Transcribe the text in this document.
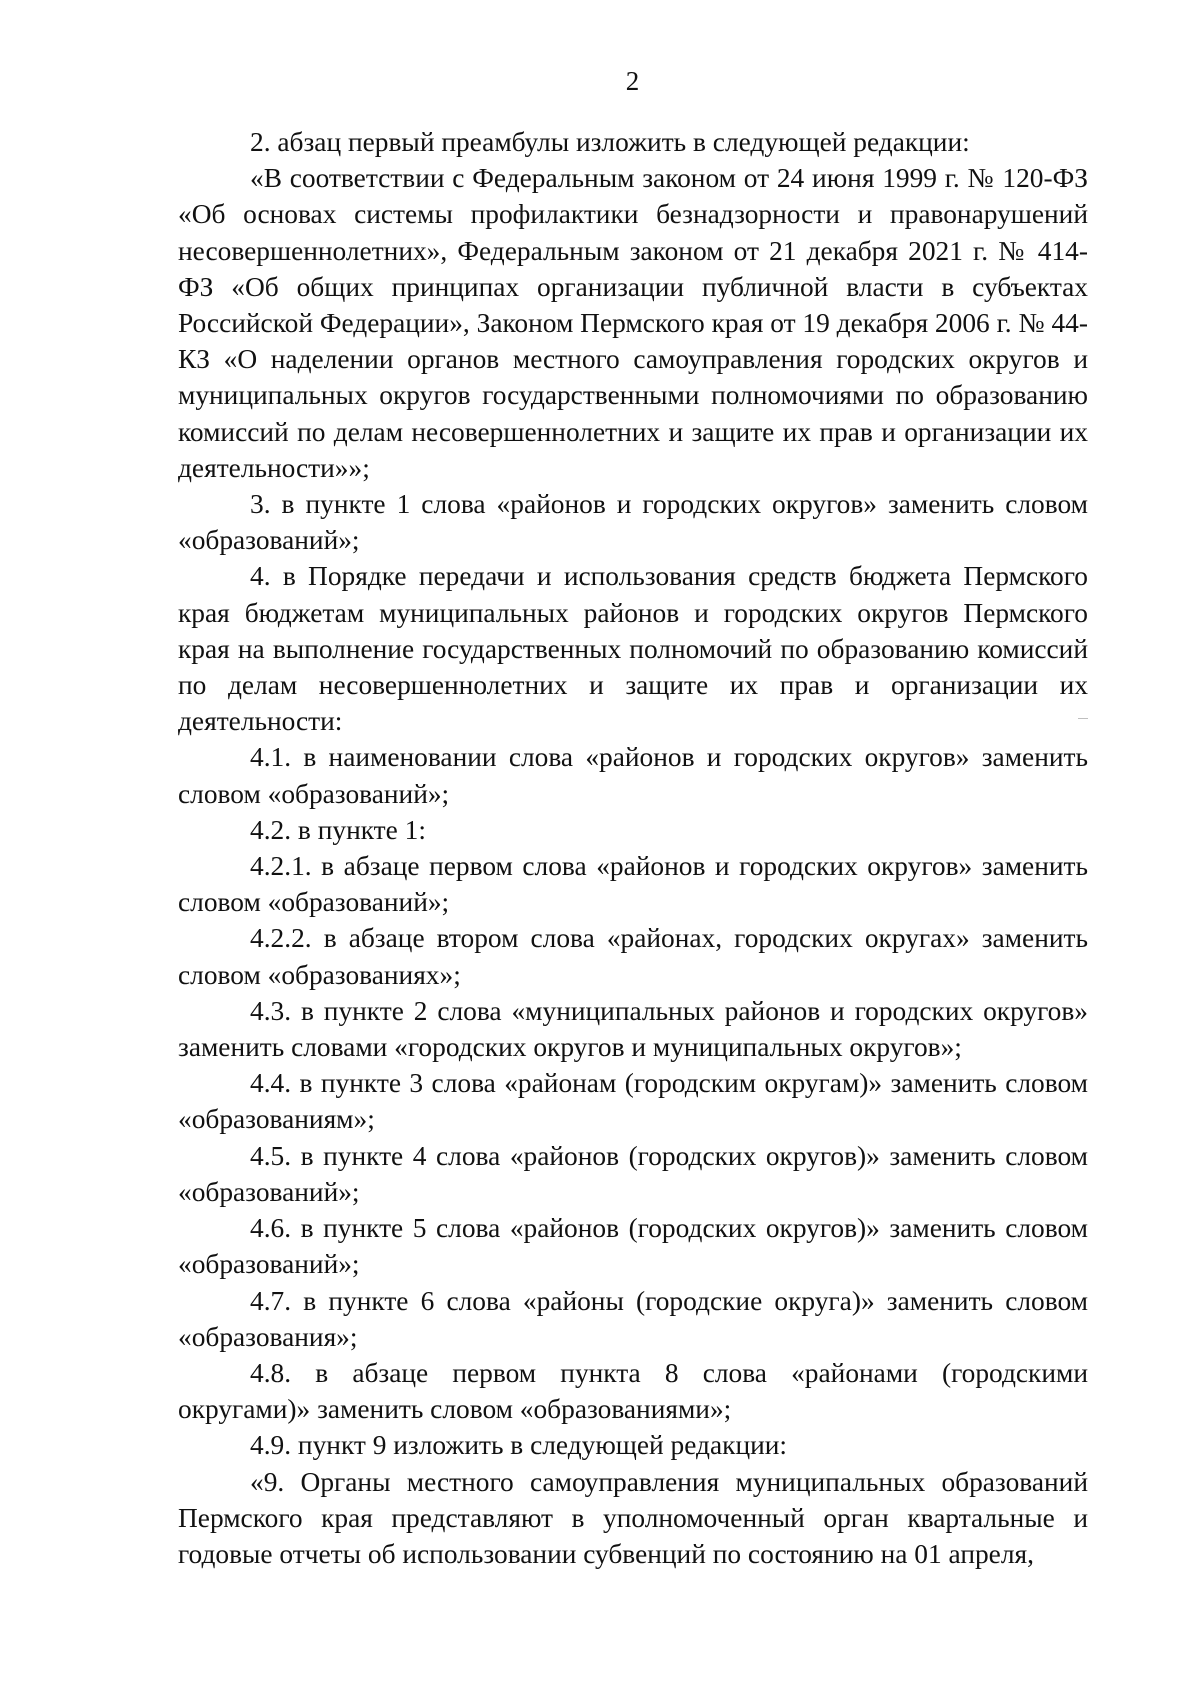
2

2. абзац первый преамбулы изложить в следующей редакции:

«В соответствии с Федеральным законом от 24 июня 1999 г. № 120-ФЗ «Об основах системы профилактики безнадзорности и правонарушений несовершеннолетних», Федеральным законом от 21 декабря 2021 г. № 414-ФЗ «Об общих принципах организации публичной власти в субъектах Российской Федерации», Законом Пермского края от 19 декабря 2006 г. № 44-КЗ «О наделении органов местного самоуправления городских округов и муниципальных округов государственными полномочиями по образованию комиссий по делам несовершеннолетних и защите их прав и организации их деятельности»»;

3. в пункте 1 слова «районов и городских округов» заменить словом «образований»;

4. в Порядке передачи и использования средств бюджета Пермского края бюджетам муниципальных районов и городских округов Пермского края на выполнение государственных полномочий по образованию комиссий по делам несовершеннолетних и защите их прав и организации их деятельности:

4.1. в наименовании слова «районов и городских округов» заменить словом «образований»;

4.2. в пункте 1:

4.2.1. в абзаце первом слова «районов и городских округов» заменить словом «образований»;

4.2.2. в абзаце втором слова «районах, городских округах» заменить словом «образованиях»;

4.3. в пункте 2 слова «муниципальных районов и городских округов» заменить словами «городских округов и муниципальных округов»;

4.4. в пункте 3 слова «районам (городским округам)» заменить словом «образованиям»;

4.5. в пункте 4 слова «районов (городских округов)» заменить словом «образований»;

4.6. в пункте 5 слова «районов (городских округов)» заменить словом «образований»;

4.7. в пункте 6 слова «районы (городские округа)» заменить словом «образования»;

4.8. в абзаце первом пункта 8 слова «районами (городскими округами)» заменить словом «образованиями»;

4.9. пункт 9 изложить в следующей редакции:

«9. Органы местного самоуправления муниципальных образований Пермского края представляют в уполномоченный орган квартальные и годовые отчеты об использовании субвенций по состоянию на 01 апреля,
